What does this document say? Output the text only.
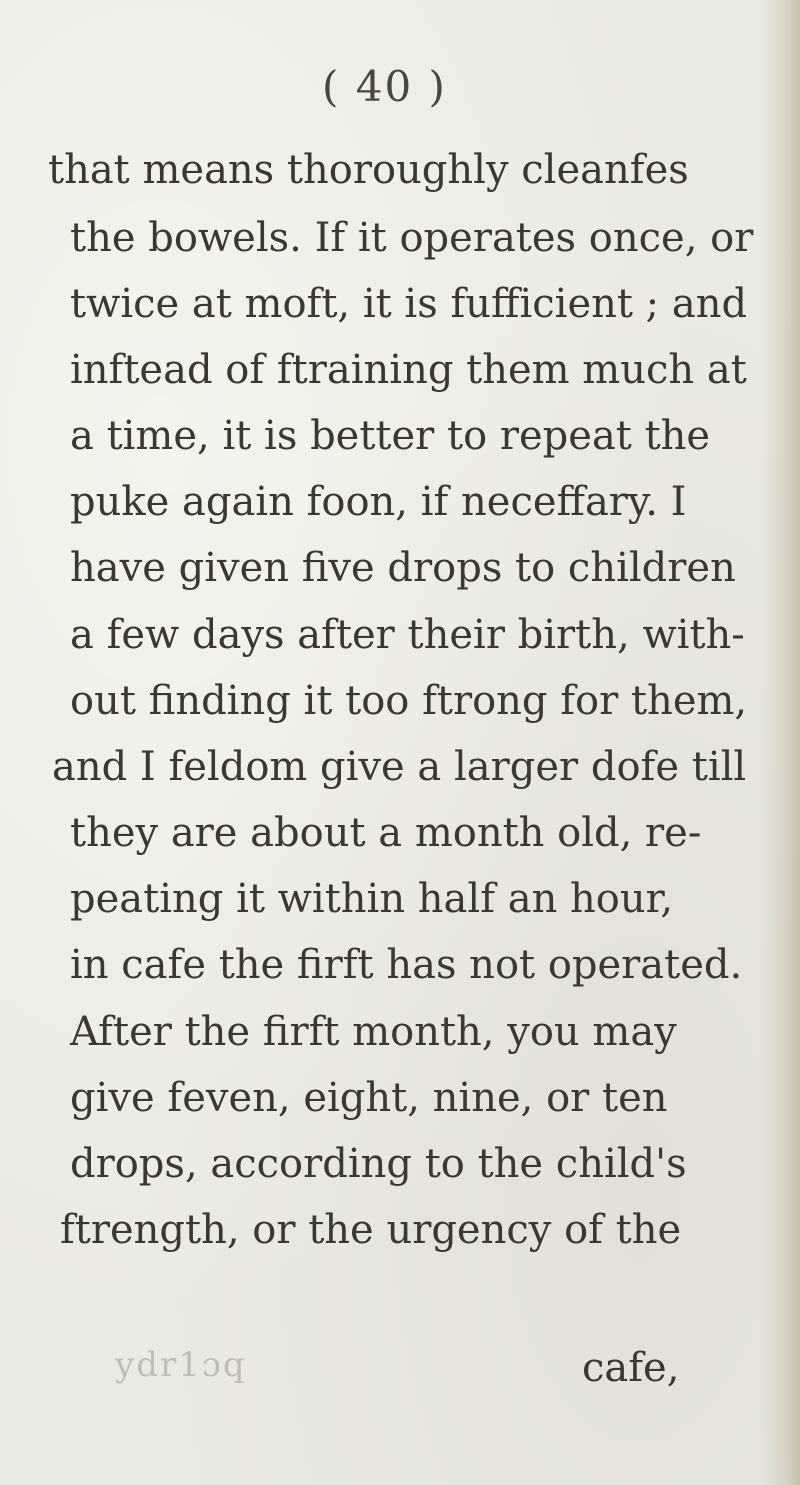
( 40 )
that means thoroughly cleanfes
the bowels. If it operates once, or
twice at moft, it is fufficient ; and
inftead of ftraining them much at
a time, it is better to repeat the
puke again foon, if neceffary. I
have given five drops to children
a few days after their birth, with-
out finding it too ftrong for them,
and I feldom give a larger dofe till
they are about a month old, re-
peating it within half an hour,
in cafe the firft has not operated.
After the firft month, you may
give feven, eight, nine, or ten
drops, according to the child's
ftrength, or the urgency of the
ydr1ɔq	cafe,
